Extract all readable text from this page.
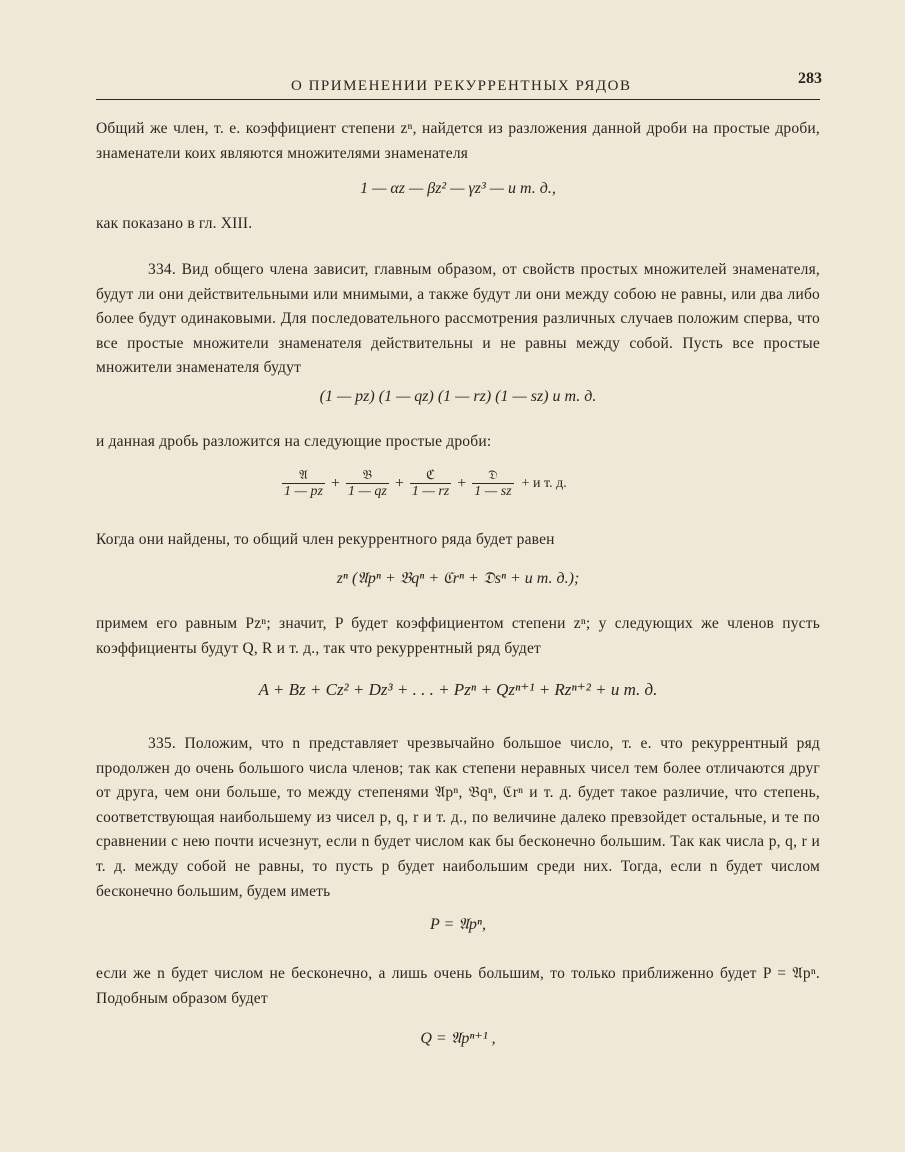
О ПРИМЕНЕНИИ РЕКУРРЕНТНЫХ РЯДОВ	283
Общий же член, т. е. коэффициент степени zⁿ, найдется из разложения данной дроби на простые дроби, знаменатели коих являются множителями знаменателя
1 — αz — βz² — γz³ — и т. д.,
как показано в гл. XIII.
334. Вид общего члена зависит, главным образом, от свойств простых множителей знаменателя, будут ли они действительными или мнимыми, а также будут ли они между собою не равны, или два либо более будут одинаковыми. Для последовательного рассмотрения различных случаев положим сперва, что все простые множители знаменателя действительны и не равны между собой. Пусть все простые множители знаменателя будут
(1 — pz) (1 — qz) (1 — rz) (1 — sz) и т. д.
и данная дробь разложится на следующие простые дроби:
$\frac{\text{𝔄}}{1 — pz} + \frac{\text{𝔅}}{1 — qz} + \frac{\text{ℭ}}{1 — rz} + \frac{\text{𝔇}}{1 — sz} + и$ т. д.
Когда они найдены, то общий член рекуррентного ряда будет равен
zⁿ (𝔄pⁿ + 𝔅qⁿ + ℭrⁿ + 𝔇sⁿ + и т. д.);
примем его равным Pzⁿ; значит, P будет коэффициентом степени zⁿ; у следующих же членов пусть коэффициенты будут Q, R и т. д., так что рекуррентный ряд будет
A + Bz + Cz² + Dz³ + . . . + Pzⁿ + Qzⁿ⁺¹ + Rzⁿ⁺² + и т. д.
335. Положим, что n представляет чрезвычайно большое число, т. е. что рекуррентный ряд продолжен до очень большого числа членов; так как степени неравных чисел тем более отличаются друг от друга, чем они больше, то между степенями 𝔄pⁿ, 𝔅qⁿ, ℭrⁿ и т. д. будет такое различие, что степень, соответствующая наибольшему из чисел p, q, r и т. д., по величине далеко превзойдет остальные, и те по сравнении с нею почти исчезнут, если n будет числом как бы бесконечно большим. Так как числа p, q, r и т. д. между собой не равны, то пусть p будет наибольшим среди них. Тогда, если n будет числом бесконечно большим, будем иметь
P = 𝔄pⁿ,
если же n будет числом не бесконечно, а лишь очень большим, то только приближенно будет P = 𝔄pⁿ. Подобным образом будет
Q = 𝔄pⁿ⁺¹ ,
